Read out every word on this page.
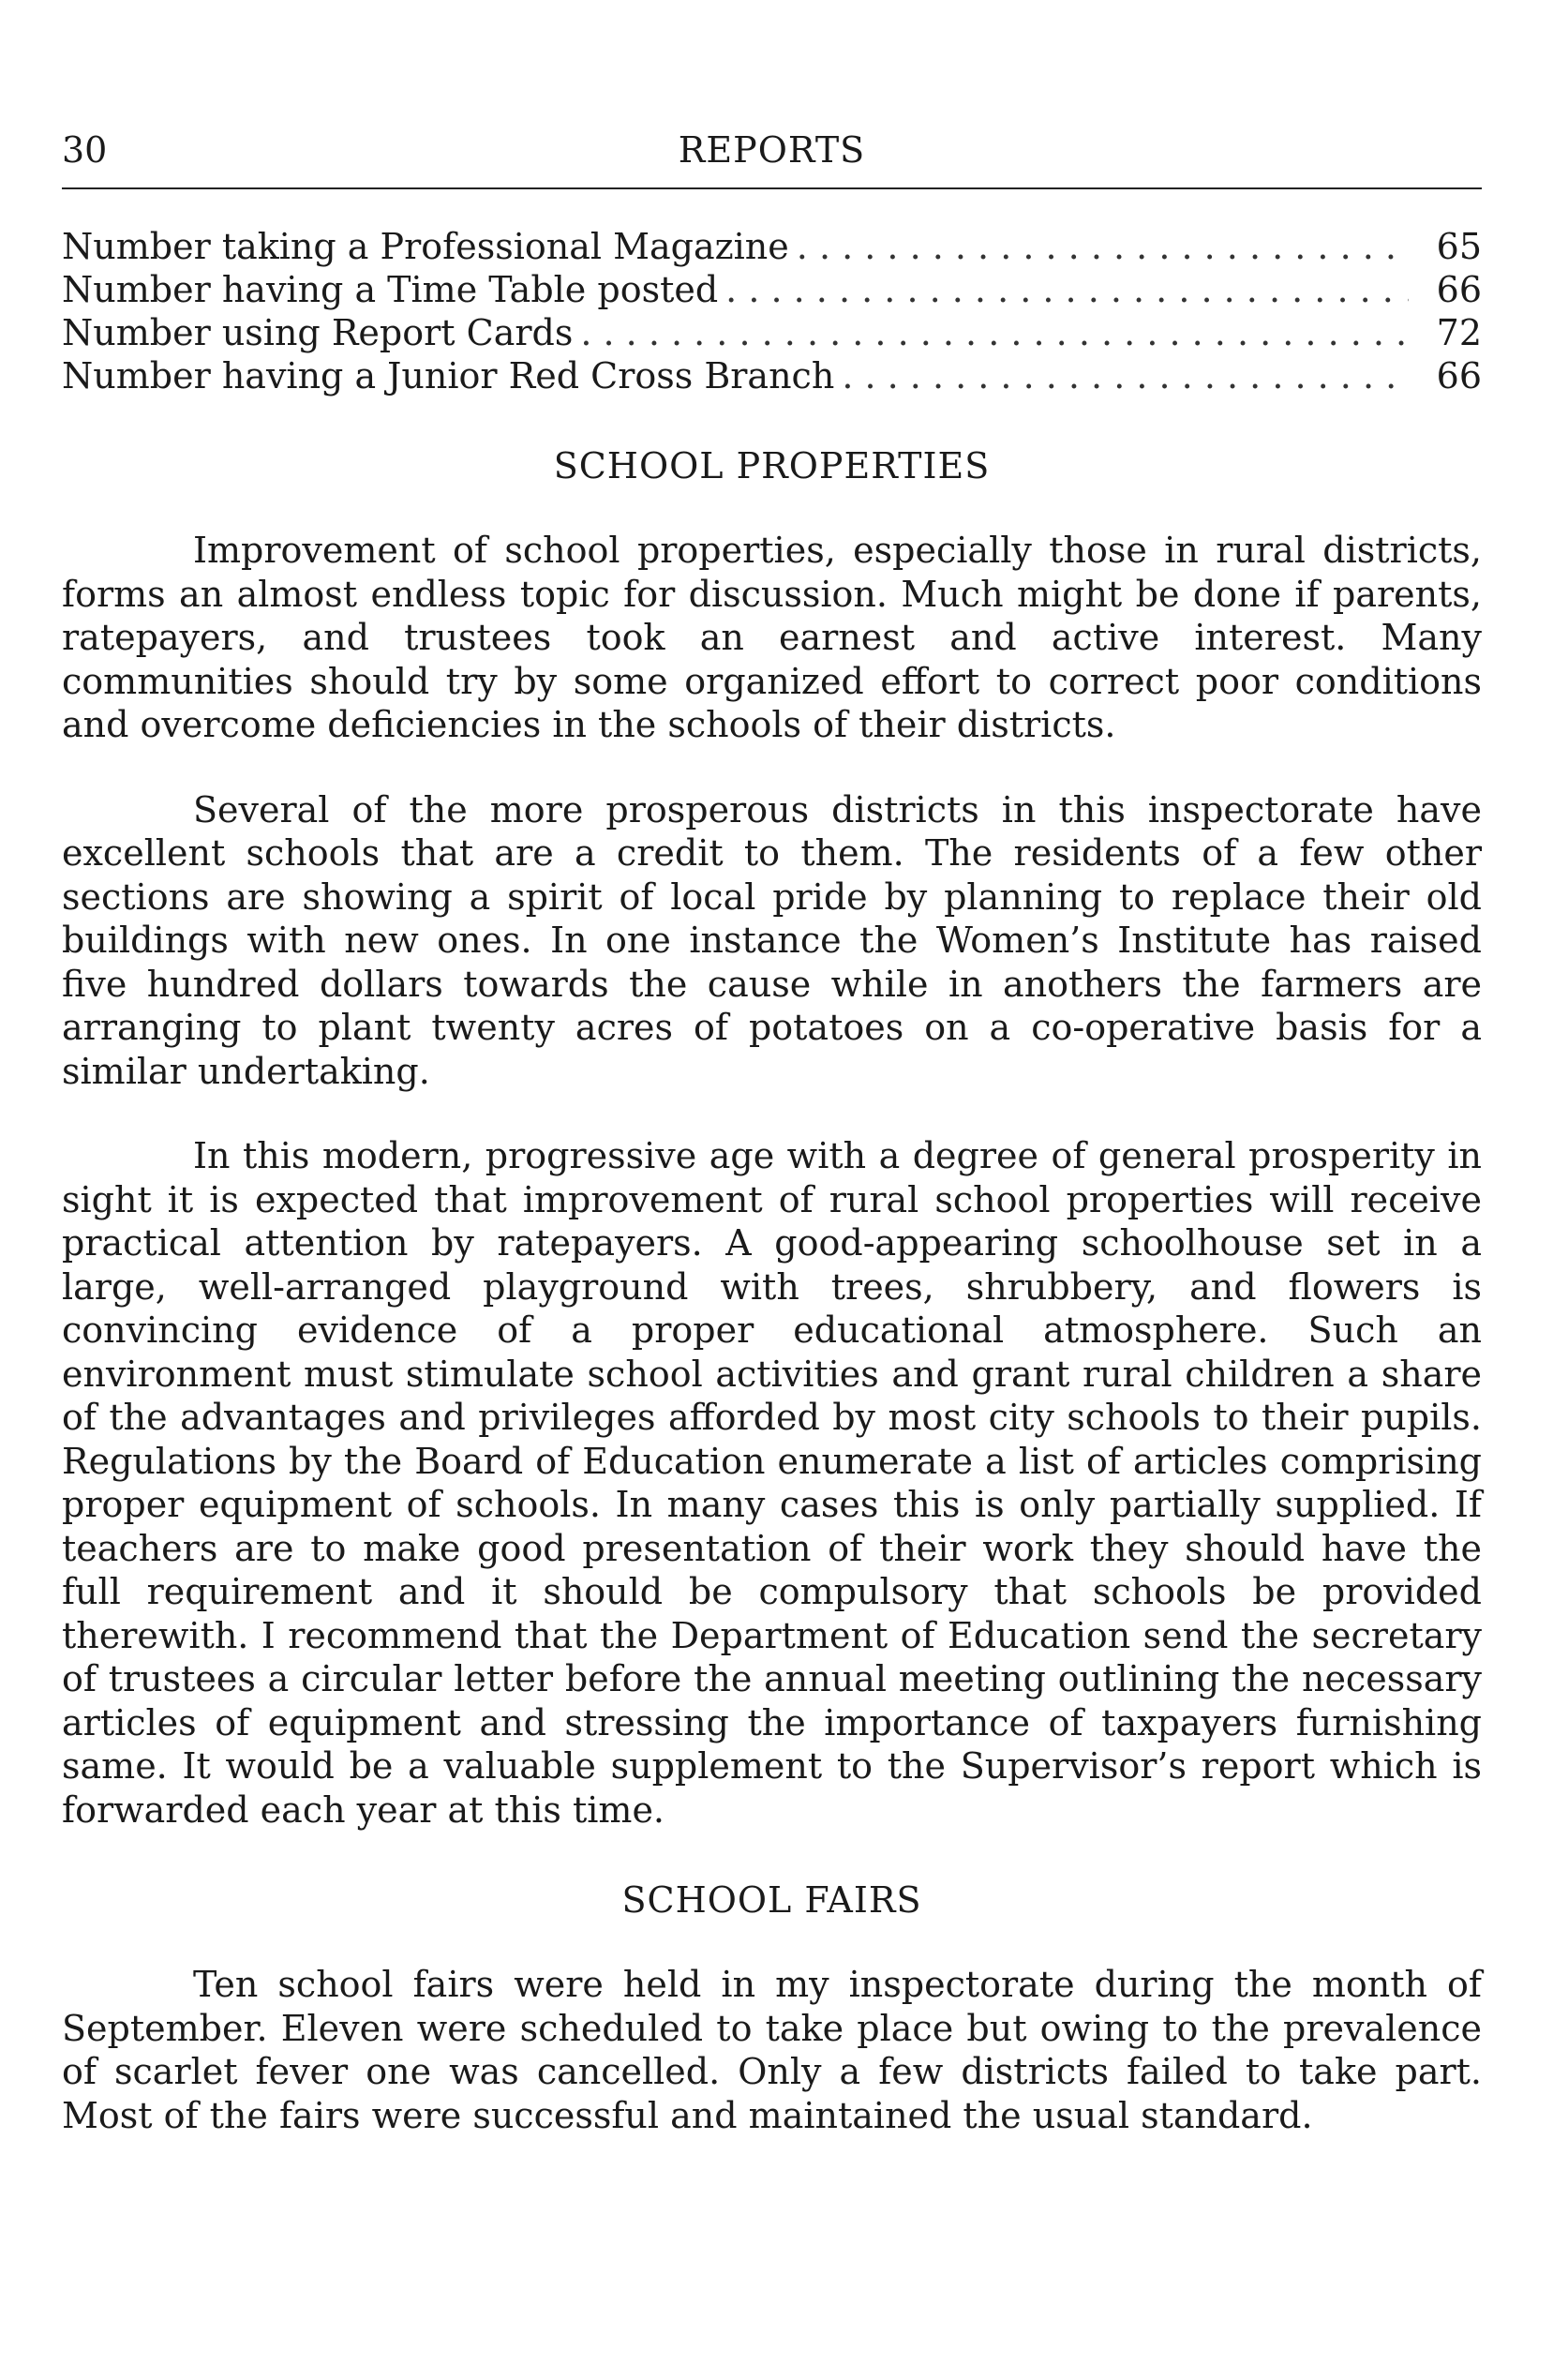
30	REPORTS
Number taking a Professional Magazine . . .	65
Number having a Time Table posted . . .	66
Number using Report Cards . . .	72
Number having a Junior Red Cross Branch . . .	66
SCHOOL PROPERTIES

Improvement of school properties, especially those in rural districts, forms an almost endless topic for discussion. Much might be done if parents, ratepayers, and trustees took an earnest and active interest. Many communities should try by some organized effort to correct poor conditions and overcome deficiencies in the schools of their districts.

Several of the more prosperous districts in this inspectorate have excellent schools that are a credit to them. The residents of a few other sections are showing a spirit of local pride by planning to replace their old buildings with new ones. In one instance the Women’s Institute has raised five hundred dollars towards the cause while in anothers the farmers are arranging to plant twenty acres of potatoes on a co-operative basis for a similar undertaking.

In this modern, progressive age with a degree of general prosperity in sight it is expected that improvement of rural school properties will receive practical attention by ratepayers. A good-appearing schoolhouse set in a large, well-arranged playground with trees, shrubbery, and flowers is convincing evidence of a proper educational atmosphere. Such an environment must stimulate school activities and grant rural children a share of the advantages and privileges afforded by most city schools to their pupils. Regulations by the Board of Education enumerate a list of articles comprising proper equipment of schools. In many cases this is only partially supplied. If teachers are to make good presentation of their work they should have the full requirement and it should be compulsory that schools be provided therewith. I recommend that the Department of Education send the secretary of trustees a circular letter before the annual meeting outlining the necessary articles of equipment and stressing the importance of taxpayers furnishing same. It would be a valuable supplement to the Supervisor’s report which is forwarded each year at this time.

SCHOOL FAIRS

Ten school fairs were held in my inspectorate during the month of September. Eleven were scheduled to take place but owing to the prevalence of scarlet fever one was cancelled. Only a few districts failed to take part. Most of the fairs were successful and maintained the usual standard.
